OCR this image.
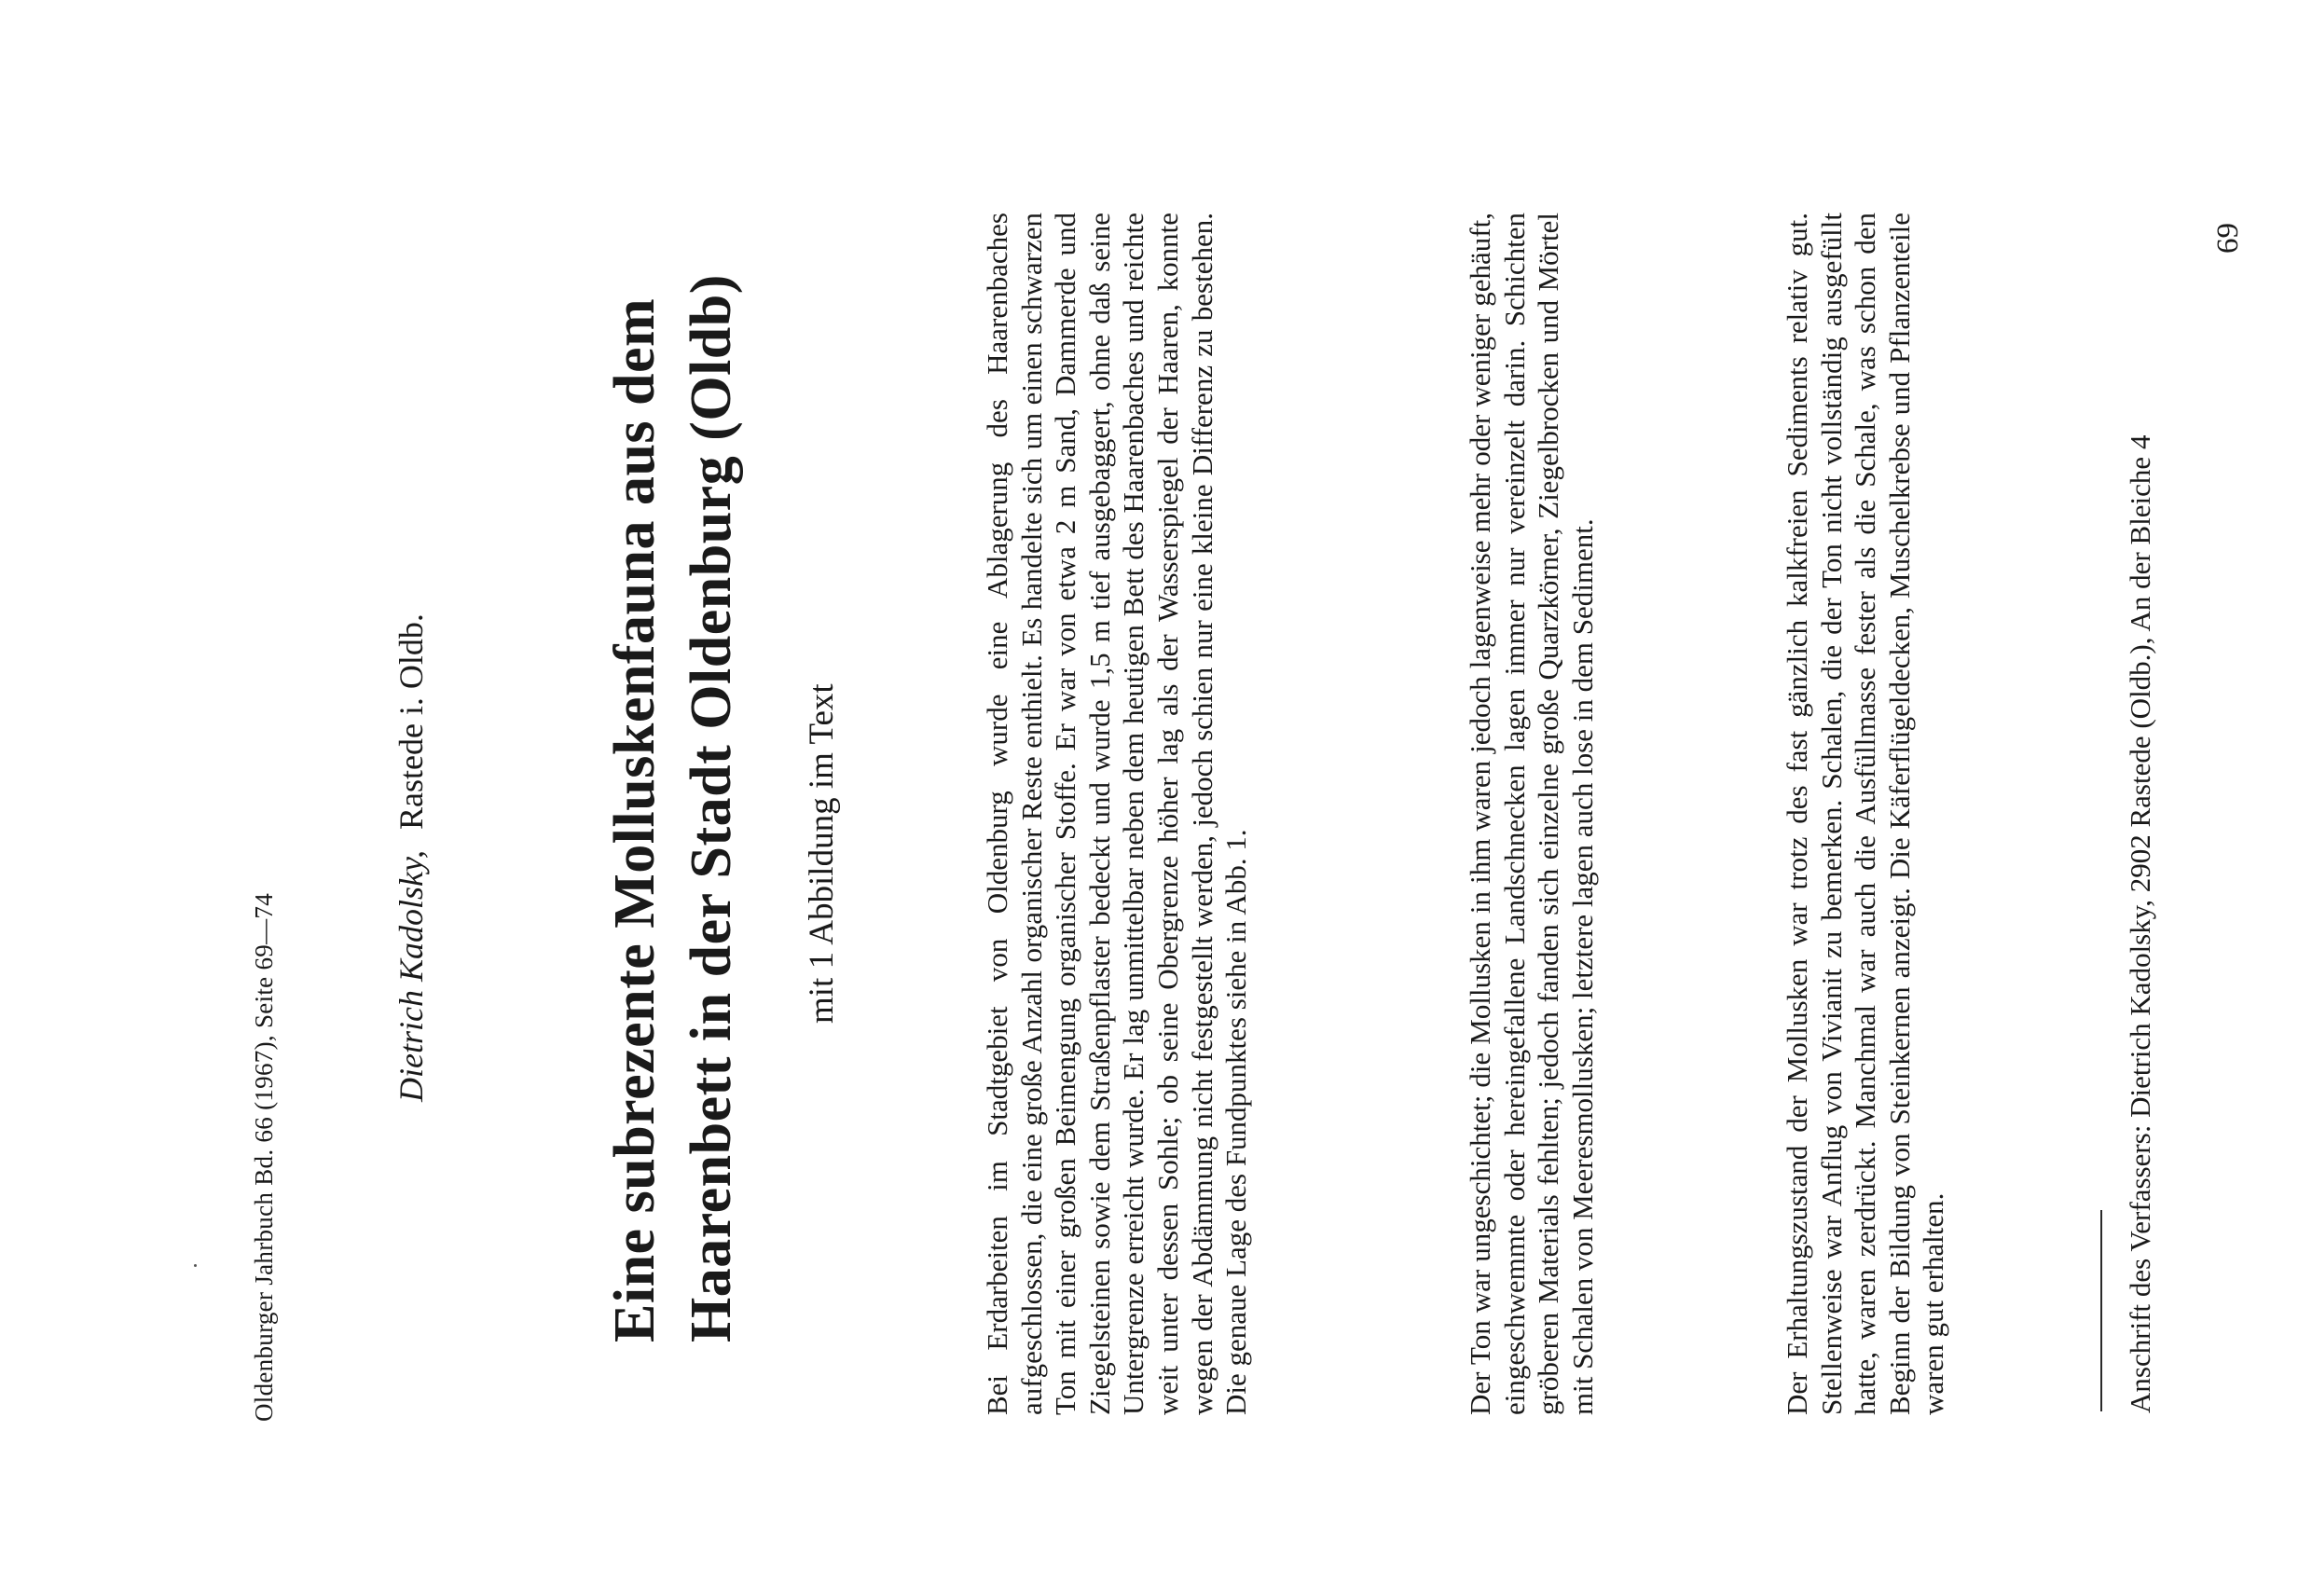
Oldenburger Jahrbuch Bd. 66 (1967), Seite 69—74	Dietrich Kadolsky,Rastede i. Oldb.	Eine subrezente Molluskenfauna aus dem Haarenbett in der Stadt Oldenburg (Oldb) mit 1 Abbildung im Text	Bei Erdarbeiten im Stadtgebiet von Oldenburg wurde eine Ablagerung des Haarenbaches aufgeschlossen, die eine große Anzahl organischer Reste enthielt. Es handelte sich um einen schwarzen Ton mit einer großen Beimengung organischer Stoffe. Er war von etwa 2 m Sand, Dammerde und Ziegelsteinen sowie dem Straßenpflaster bedeckt und wurde 1,5 m tief ausgebaggert, ohne daß seine Untergrenze erreicht wurde. Er lag unmittelbar neben dem heutigen Bett des Haarenbaches und reichte weit unter dessen Sohle; ob seine Obergrenze höher lag als der Wasserspiegel der Haaren, konnte wegen der Abdämmung nicht festgestellt werden, jedoch schien nur eine kleine Differenz zu bestehen. Die genaue Lage des Fundpunktes siehe in Abb. 1.	Der Ton war ungeschichtet; die Mollusken in ihm waren jedoch lagenweise mehr oder weniger gehäuft, eingeschwemmte oder hereingefallene Landschnecken lagen immer nur vereinzelt darin. Schichten gröberen Materials fehlten; jedoch fanden sich einzelne große Quarzkörner, Ziegelbrocken und Mörtel mit Schalen von Meeresmollusken; letztere lagen auch lose in dem Sediment.	Der Erhaltungszustand der Mollusken war trotz des fast gänzlich kalkfreien Sediments relativ gut. Stellenweise war Anflug von Vivianit zu bemerken. Schalen, die der Ton nicht vollständig ausgefüllt hatte, waren zerdrückt. Manchmal war auch die Ausfüllmasse fester als die Schale, was schon den Beginn der Bildung von Steinkernen anzeigt. Die Käferflügeldecken, Muschelkrebse und Pflanzenteile waren gut erhalten.	Anschrift des Verfassers: Dietrich Kadolsky, 2902 Rastede (Oldb.), An der Bleiche 4
69
